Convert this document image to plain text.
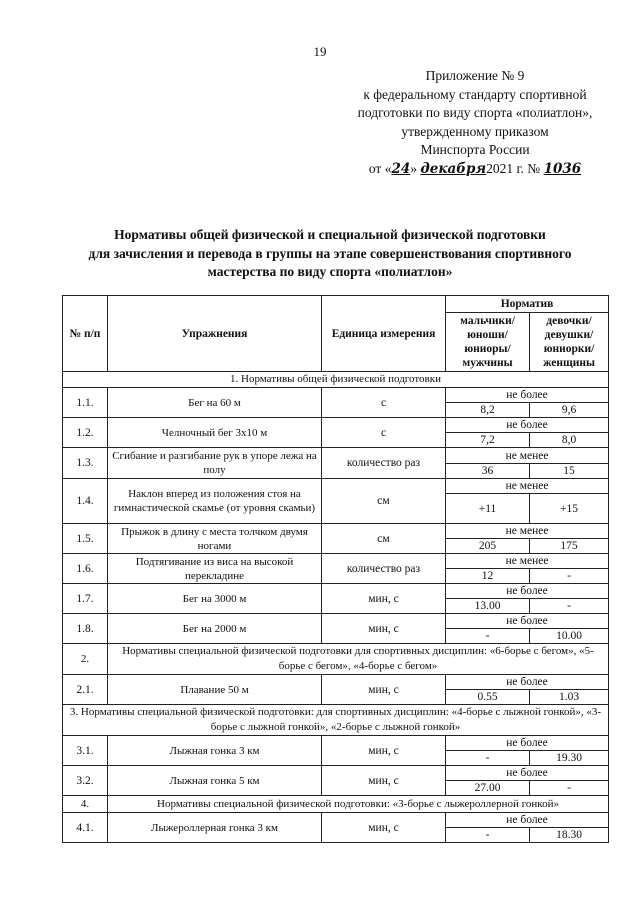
19
Приложение № 9
к федеральному стандарту спортивной
подготовки по виду спорта «полиатлон»,
утвержденному приказом
Минспорта России
от «24» декабря2021 г. № 1036
Нормативы общей физической и специальной физической подготовки
для зачисления и перевода в группы на этапе совершенствования спортивного
мастерства по виду спорта «полиатлон»
№ п/п	Упражнения	Единица измерения	Норматив	
			мальчики/ юноши/ юниоры/ мужчины	девочки/ девушки/ юниорки/ женщины
1. Нормативы общей физической подготовки				
1.1.	Бег на 60 м	с	не более	
			8,2	9,6
1.2.	Челночный бег 3х10 м	с	не более	
			7,2	8,0
1.3.	Сгибание и разгибание рук в упоре лежа на полу	количество раз	не менее	
			36	15
1.4.	Наклон вперед из положения стоя на гимнастической скамье (от уровня скамьи)	см	не менее	
			+11	+15
1.5.	Прыжок в длину с места толчком двумя ногами	см	не менее	
			205	175
1.6.	Подтягивание из виса на высокой перекладине	количество раз	не менее	
			12	-
1.7.	Бег на 3000 м	мин, с	не более	
			13.00	-
1.8.	Бег на 2000 м	мин, с	не более	
			-	10.00
2.	Нормативы специальной физической подготовки для спортивных дисциплин: «6-борье с бегом», «5-борье с бегом», «4-борье с бегом»			
2.1.	Плавание 50 м	мин, с	не более	
			0.55	1.03
3. Нормативы специальной физической подготовки: для спортивных дисциплин: «4-борье с лыжной гонкой», «3-борье с лыжной гонкой», «2-борье с лыжной гонкой»				
3.1.	Лыжная гонка 3 км	мин, с	не более	
			-	19.30
3.2.	Лыжная гонка 5 км	мин, с	не более	
			27.00	-
4.	Нормативы специальной физической подготовки: «3-борье с лыжероллерной гонкой»			
4.1.	Лыжероллерная гонка 3 км	мин, с	не более	
			-	18.30
